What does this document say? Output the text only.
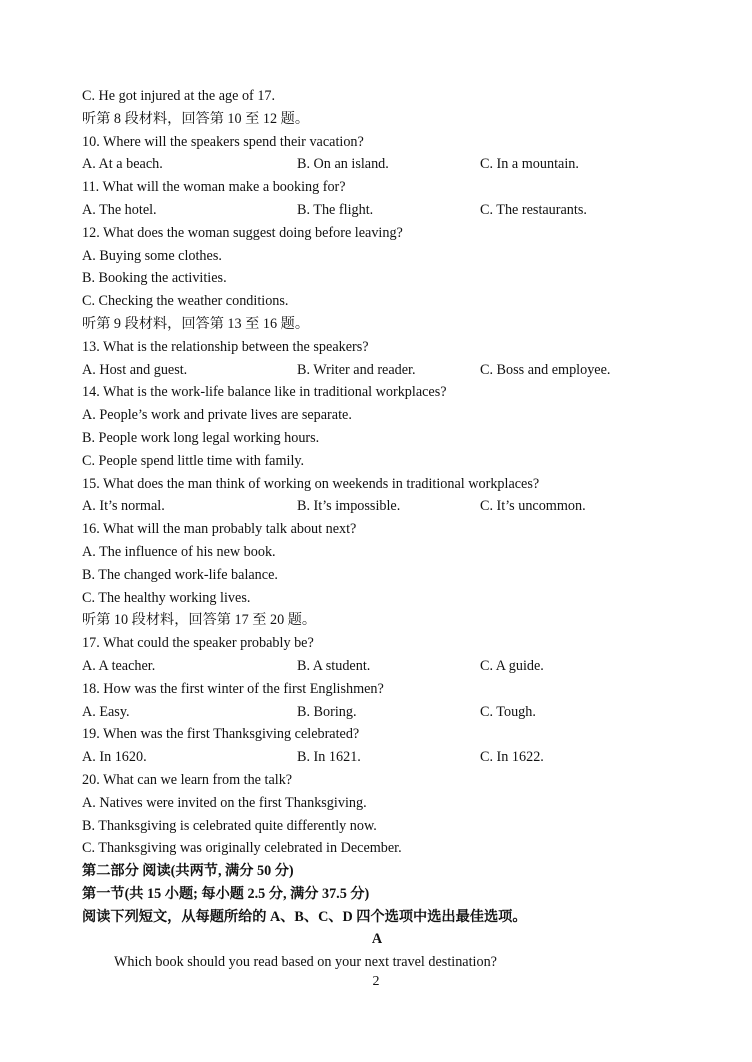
C. He got injured at the age of 17.
听第 8 段材料，回答第 10 至 12 题。
10. Where will the speakers spend their vacation?
A. At a beach.	B. On an island.	C. In a mountain.
11. What will the woman make a booking for?
A. The hotel.	B. The flight.	C. The restaurants.
12. What does the woman suggest doing before leaving?
A. Buying some clothes.
B. Booking the activities.
C. Checking the weather conditions.
听第 9 段材料，回答第 13 至 16 题。
13. What is the relationship between the speakers?
A. Host and guest.	B. Writer and reader.	C. Boss and employee.
14. What is the work-life balance like in traditional workplaces?
A. People’s work and private lives are separate.
B. People work long legal working hours.
C. People spend little time with family.
15. What does the man think of working on weekends in traditional workplaces?
A. It’s normal.	B. It’s impossible.	C. It’s uncommon.
16. What will the man probably talk about next?
A. The influence of his new book.
B. The changed work-life balance.
C. The healthy working lives.
听第 10 段材料，回答第 17 至 20 题。
17. What could the speaker probably be?
A. A teacher.	B. A student.	C. A guide.
18. How was the first winter of the first Englishmen?
A. Easy.	B. Boring.	C. Tough.
19. When was the first Thanksgiving celebrated?
A. In 1620.	B. In 1621.	C. In 1622.
20. What can we learn from the talk?
A. Natives were invited on the first Thanksgiving.
B. Thanksgiving is celebrated quite differently now.
C. Thanksgiving was originally celebrated in December.
第二部分 阅读(共两节, 满分 50 分)
第一节(共 15 小题; 每小题 2.5 分, 满分 37.5 分)
阅读下列短文，从每题所给的 A、B、C、D 四个选项中选出最佳选项。
A
Which book should you read based on your next travel destination?
2
